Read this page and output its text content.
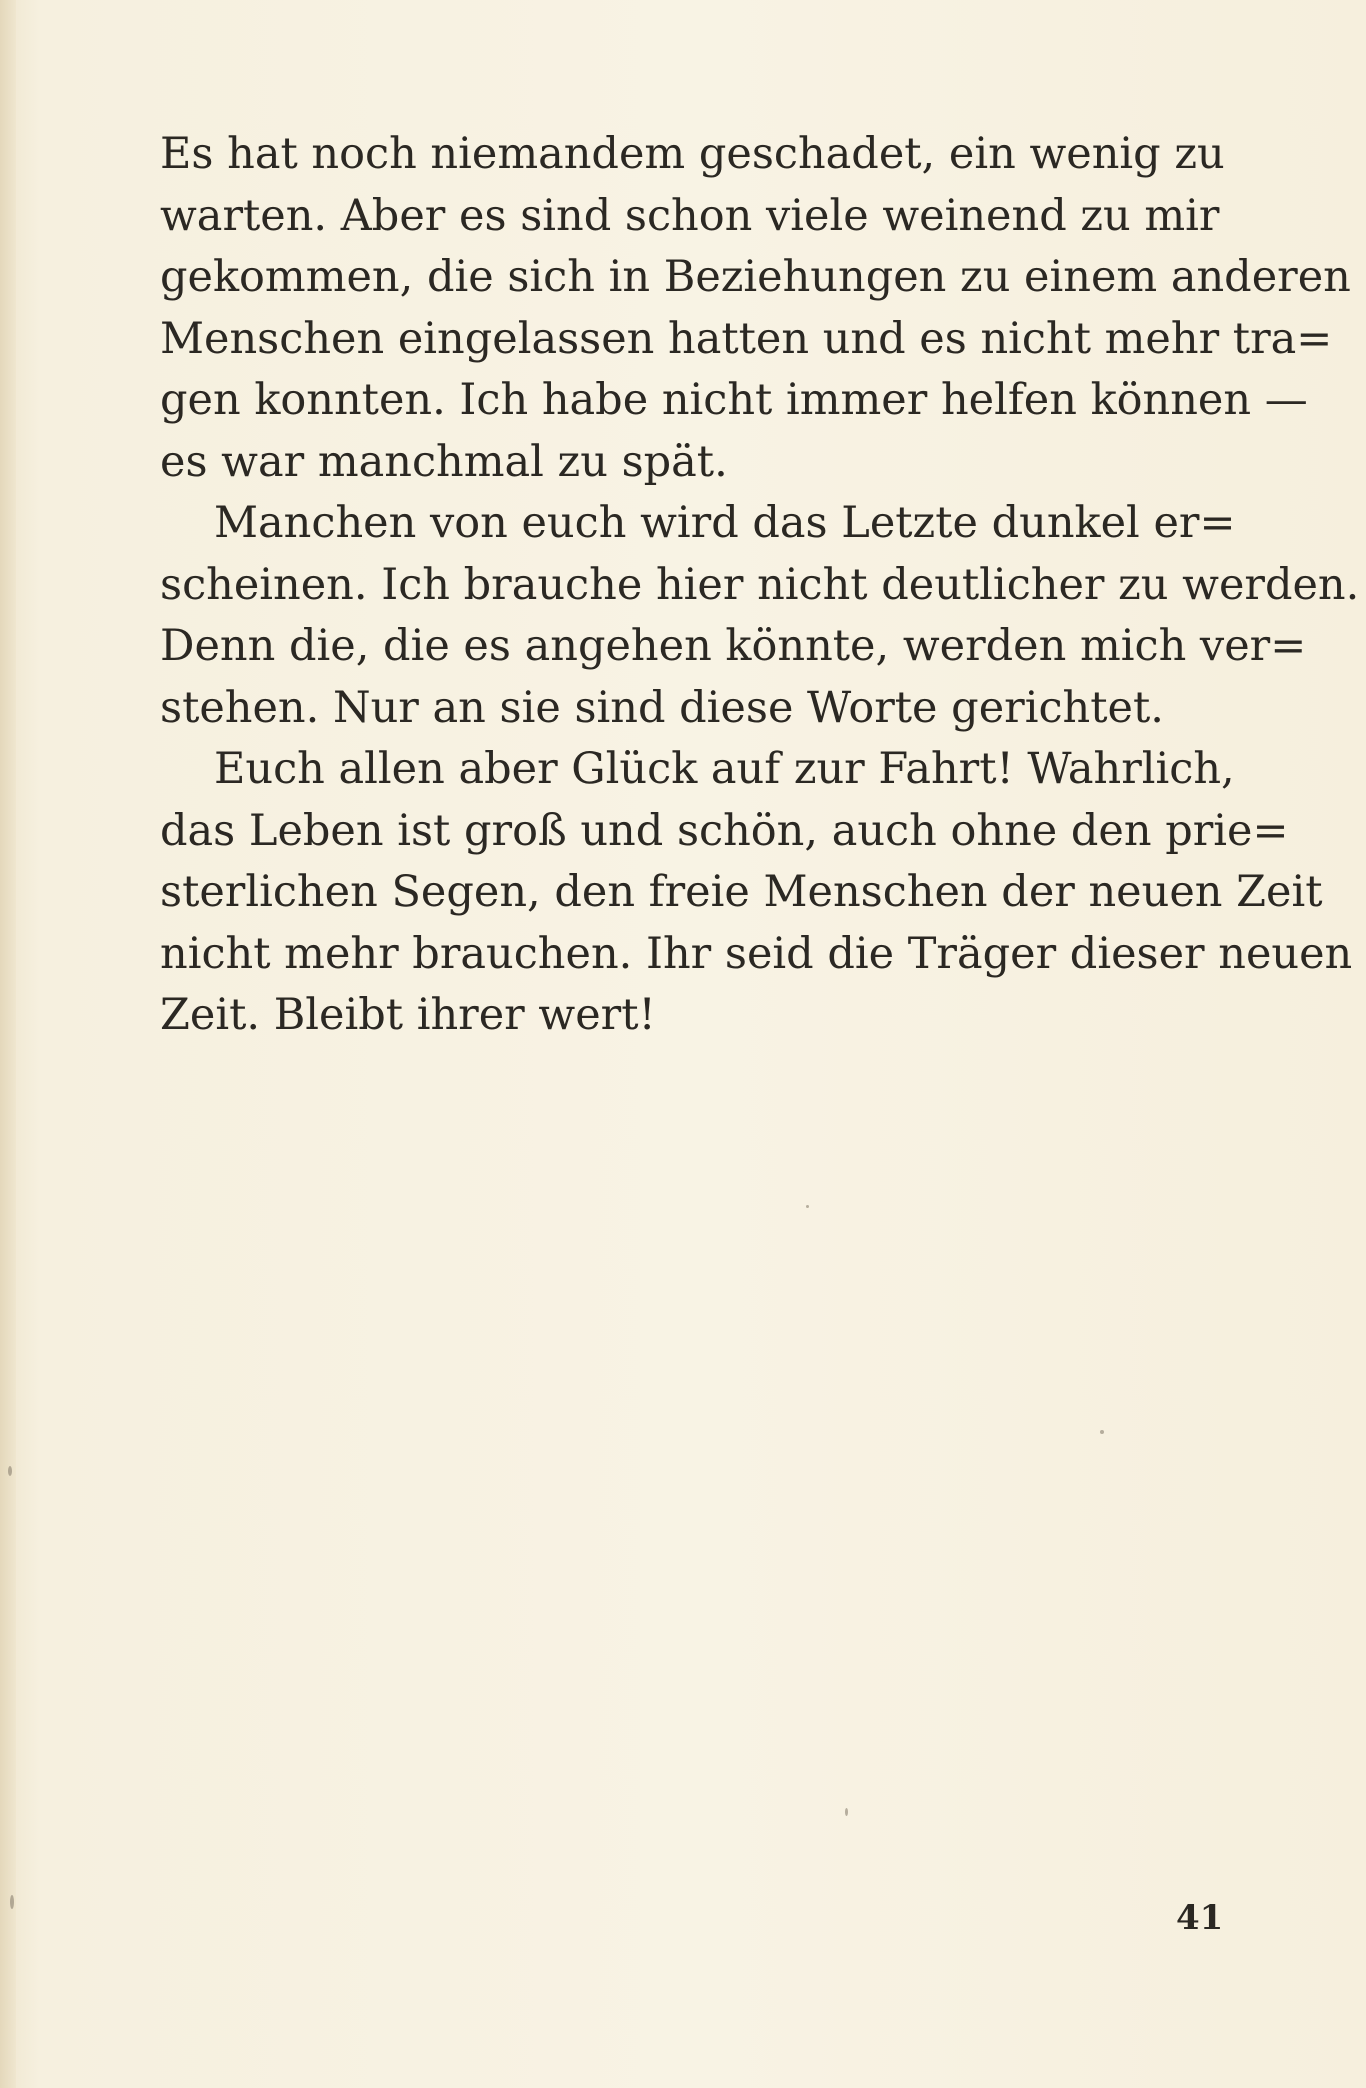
Es hat noch niemandem geschadet, ein wenig zu
warten. Aber es sind schon viele weinend zu mir
gekommen, die sich in Beziehungen zu einem anderen
Menschen eingelassen hatten und es nicht mehr tra=
gen konnten. Ich habe nicht immer helfen können —
es war manchmal zu spät.
Manchen von euch wird das Letzte dunkel er=
scheinen. Ich brauche hier nicht deutlicher zu werden.
Denn die, die es angehen könnte, werden mich ver=
stehen. Nur an sie sind diese Worte gerichtet.
Euch allen aber Glück auf zur Fahrt! Wahrlich,
das Leben ist groß und schön, auch ohne den prie=
sterlichen Segen, den freie Menschen der neuen Zeit
nicht mehr brauchen. Ihr seid die Träger dieser neuen
Zeit. Bleibt ihrer wert!
41
